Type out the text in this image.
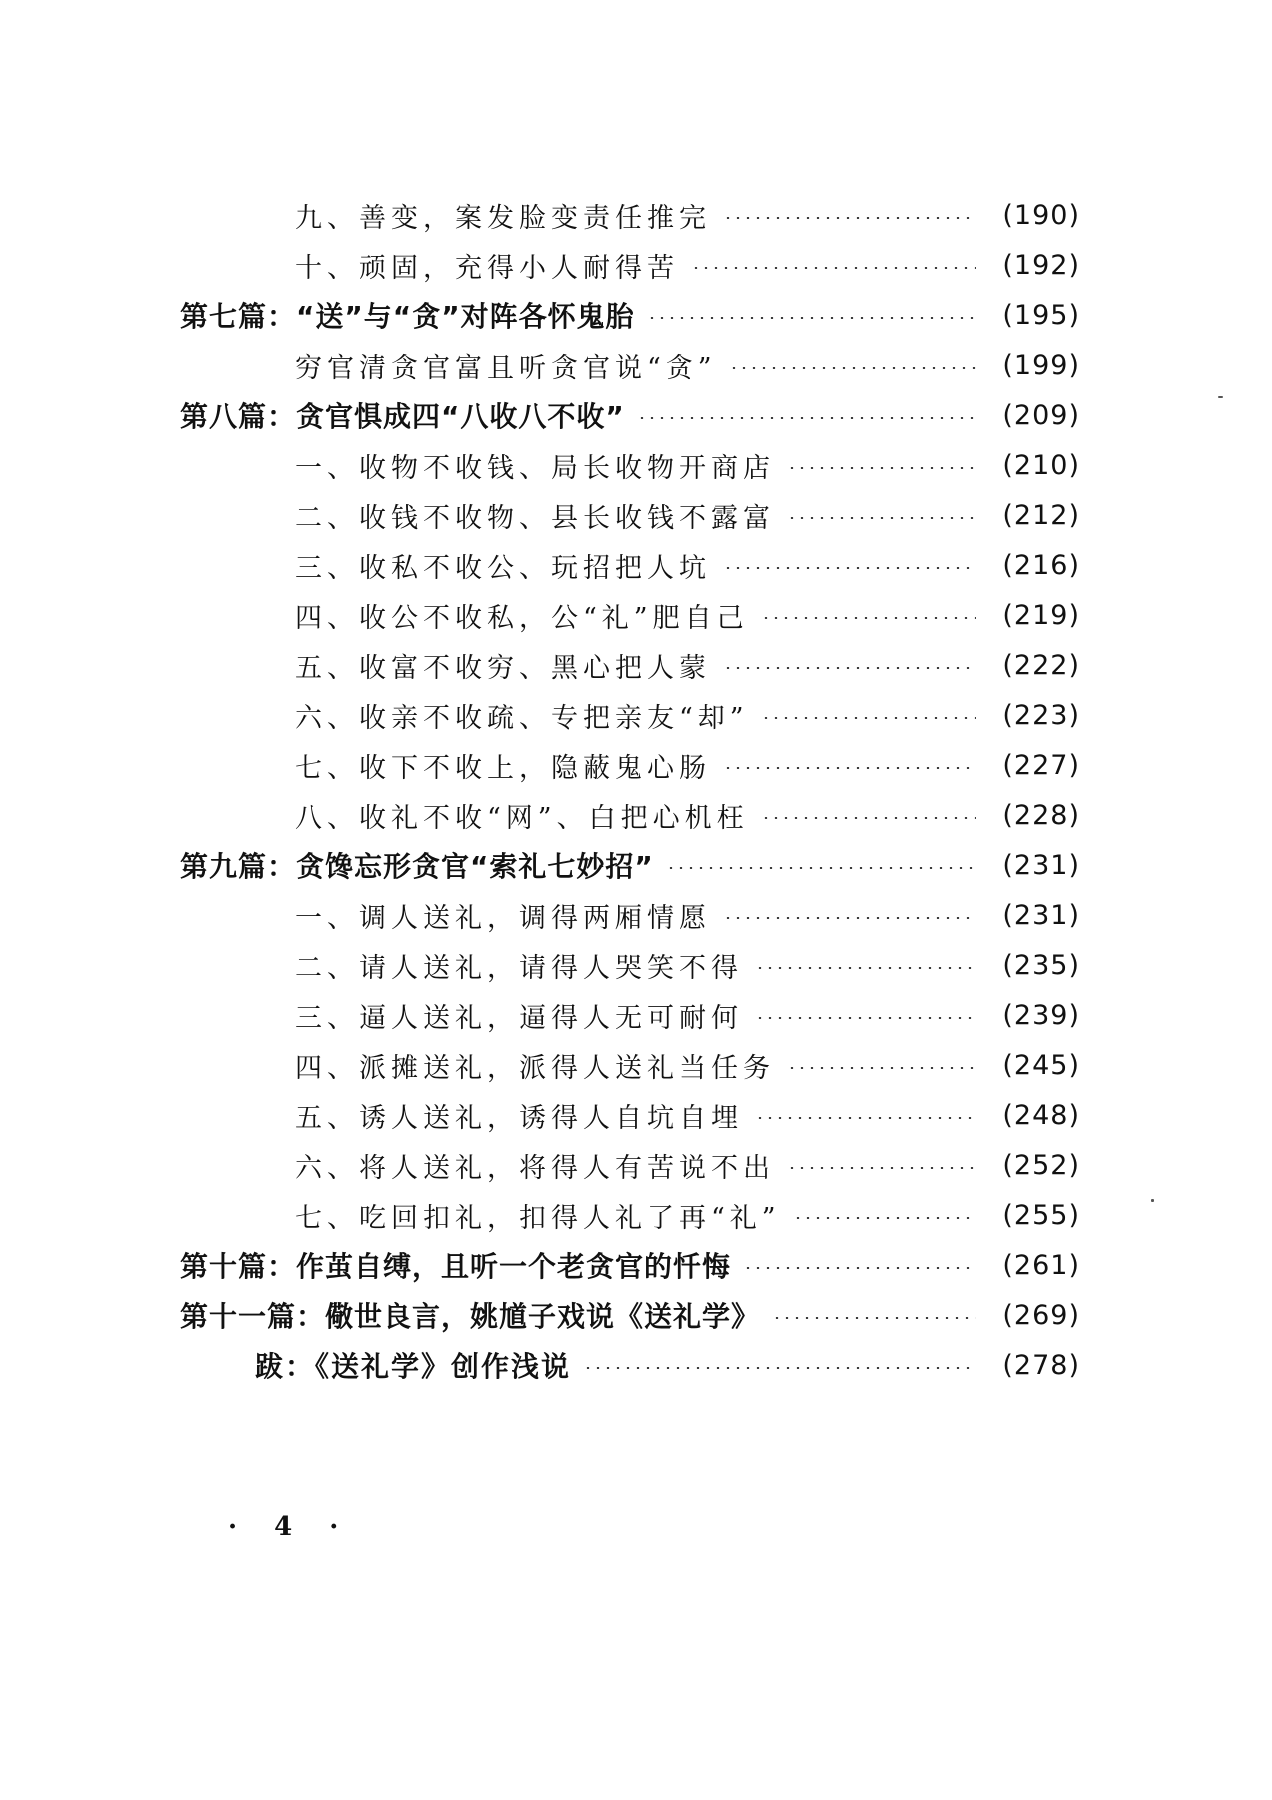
九、善变，案发脸变责任推完	(190)
十、顽固，充得小人耐得苦	(192)
第七篇：“送”与“贪”对阵各怀鬼胎	(195)
穷官清贪官富且听贪官说“贪”	(199)
第八篇：贪官惧成四“八收八不收”	(209)
一、收物不收钱、局长收物开商店	(210)
二、收钱不收物、县长收钱不露富	(212)
三、收私不收公、玩招把人坑	(216)
四、收公不收私，公“礼”肥自己	(219)
五、收富不收穷、黑心把人蒙	(222)
六、收亲不收疏、专把亲友“却”	(223)
七、收下不收上，隐蔽鬼心肠	(227)
八、收礼不收“网”、白把心机枉	(228)
第九篇：贪馋忘形贪官“索礼七妙招”	(231)
一、调人送礼，调得两厢情愿	(231)
二、请人送礼，请得人哭笑不得	(235)
三、逼人送礼，逼得人无可耐何	(239)
四、派摊送礼，派得人送礼当任务	(245)
五、诱人送礼，诱得人自坑自埋	(248)
六、将人送礼，将得人有苦说不出	(252)
七、吃回扣礼，扣得人礼了再“礼”	(255)
第十篇：作茧自缚，且听一个老贪官的忏悔	(261)
第十一篇：儆世良言，姚馗子戏说《送礼学》	(269)
跋：《送礼学》创作浅说	(278)
· 4 ·
